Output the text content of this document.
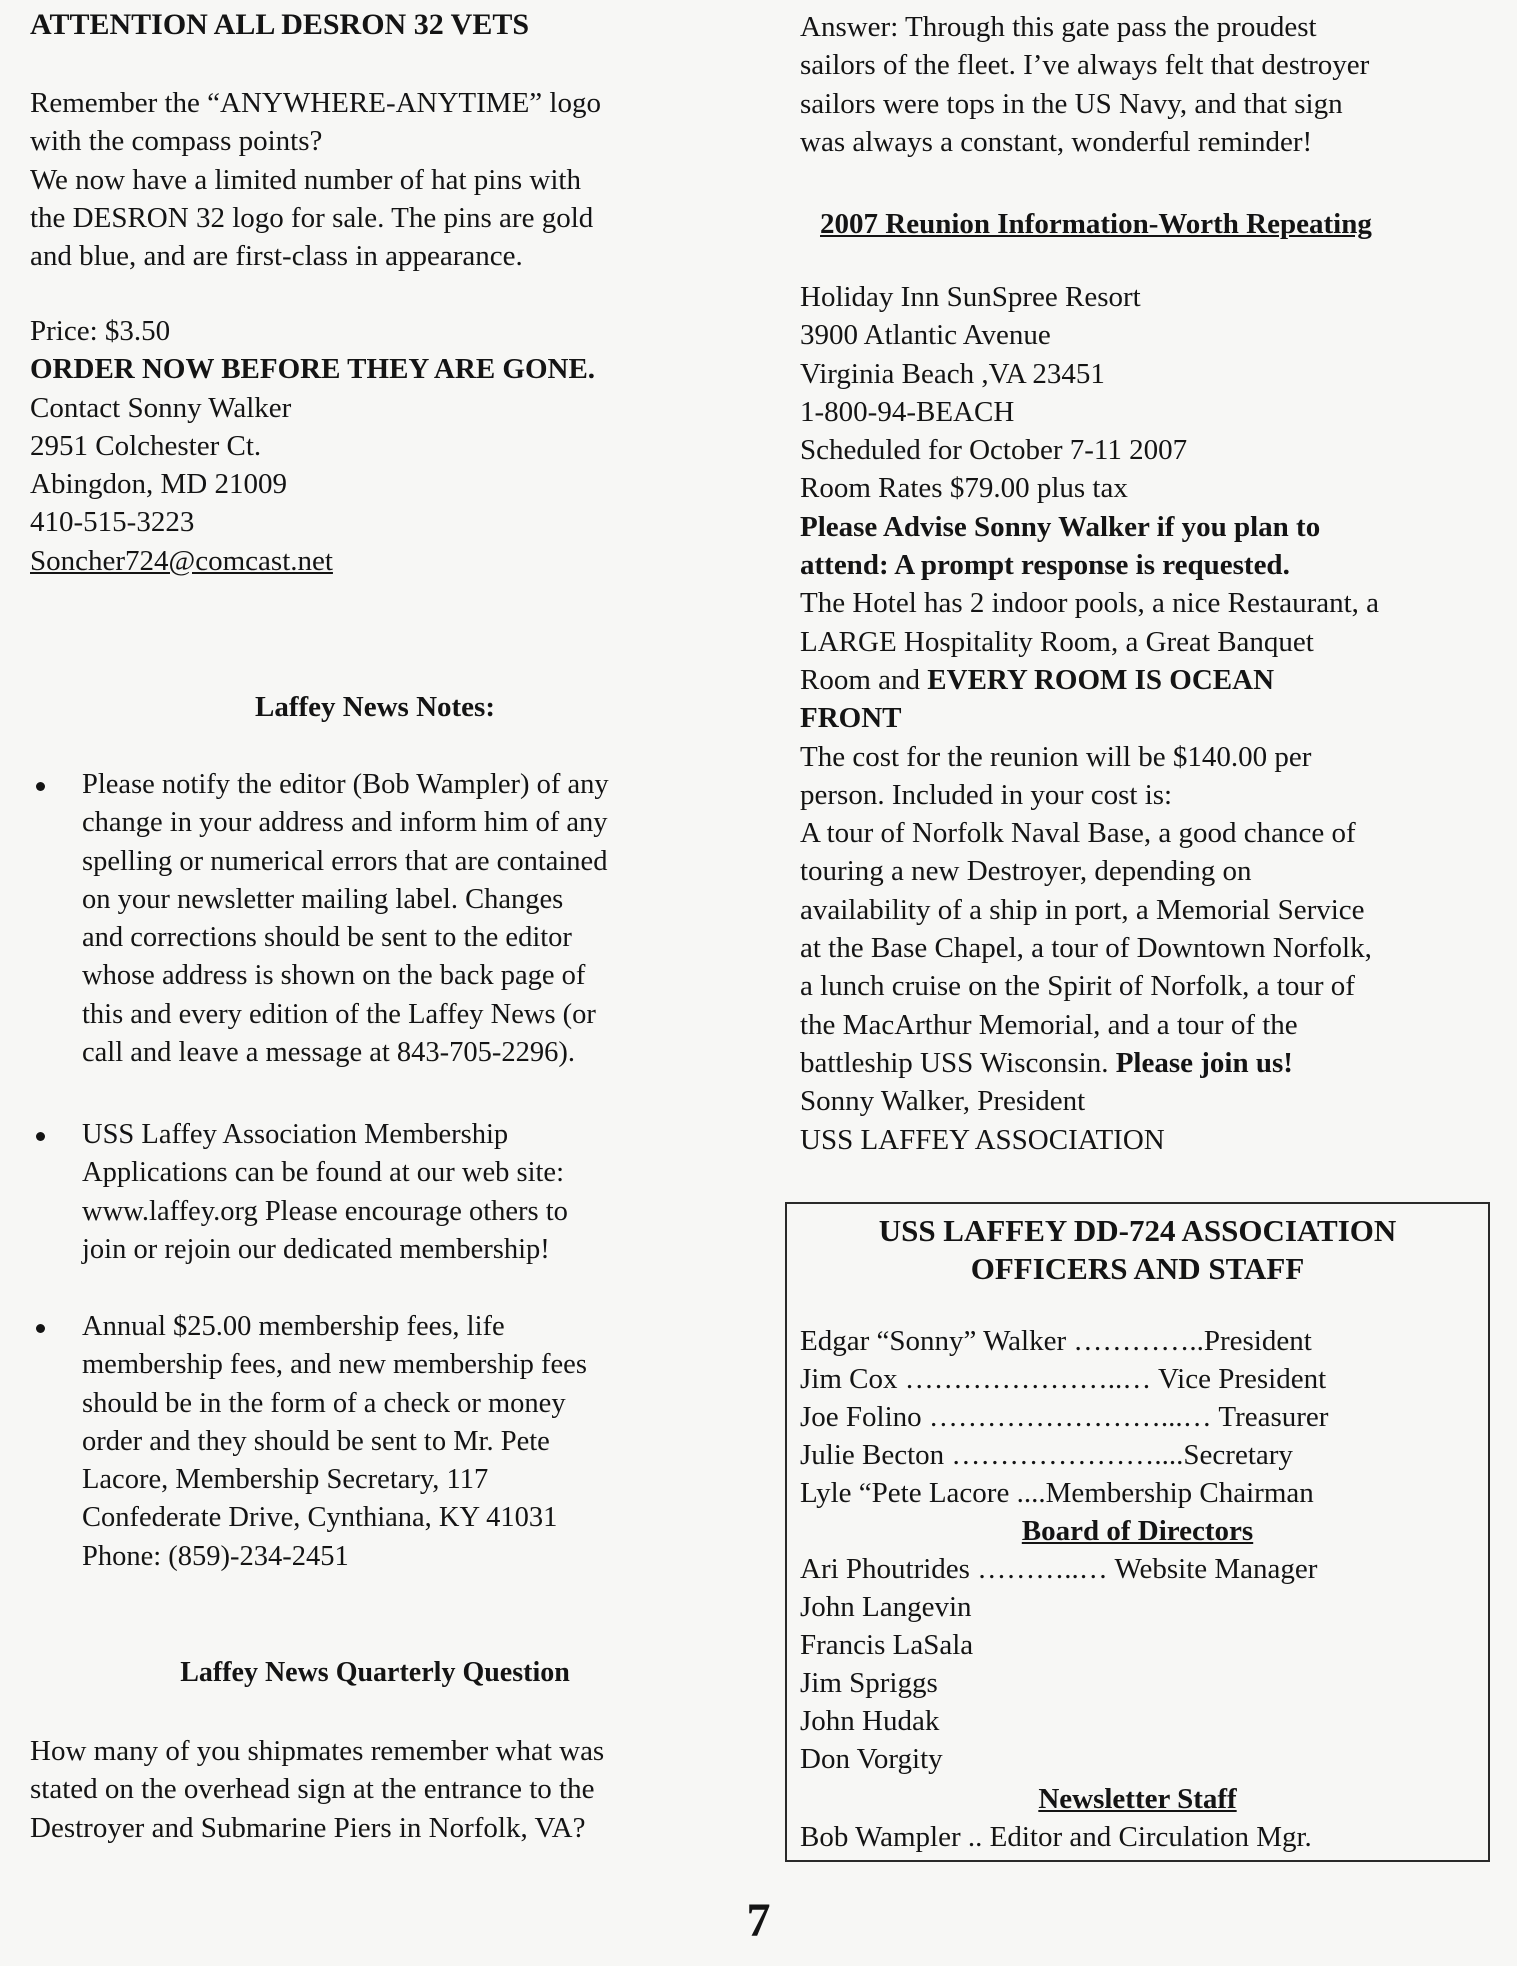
ATTENTION ALL DESRON 32 VETS

Remember the “ANYWHERE-ANYTIME” logo

with the compass points?

We now have a limited number of hat pins with

the DESRON 32 logo for sale. The pins are gold

and blue, and are first-class in appearance.

Price: $3.50

ORDER NOW BEFORE THEY ARE GONE.

Contact Sonny Walker

2951 Colchester Ct.

Abingdon, MD 21009

410-515-3223

Soncher724@comcast.net

Laffey News Notes:
Please notify the editor (Bob Wampler) of any
change in your address and inform him of any
spelling or numerical errors that are contained
on your newsletter mailing label. Changes
and corrections should be sent to the editor
whose address is shown on the back page of
this and every edition of the Laffey News (or
call and leave a message at 843-705-2296).
USS Laffey Association Membership
Applications can be found at our web site:
www.laffey.org Please encourage others to
join or rejoin our dedicated membership!
Annual $25.00 membership fees, life
membership fees, and new membership fees
should be in the form of a check or money
order and they should be sent to Mr. Pete
Lacore, Membership Secretary, 117
Confederate Drive, Cynthiana, KY 41031
Phone: (859)-234-2451
Laffey News Quarterly Question

How many of you shipmates remember what was

stated on the overhead sign at the entrance to the

Destroyer and Submarine Piers in Norfolk, VA?

Answer: Through this gate pass the proudest

sailors of the fleet. I’ve always felt that destroyer

sailors were tops in the US Navy, and that sign

was always a constant, wonderful reminder!

2007 Reunion Information-Worth Repeating

Holiday Inn SunSpree Resort

3900 Atlantic Avenue

Virginia Beach ,VA 23451

1-800-94-BEACH

Scheduled for October 7-11 2007

Room Rates $79.00 plus tax

Please Advise Sonny Walker if you plan to

attend: A prompt response is requested.

The Hotel has 2 indoor pools, a nice Restaurant, a

LARGE Hospitality Room, a Great Banquet

Room and EVERY ROOM IS OCEAN

FRONT

The cost for the reunion will be $140.00 per

person. Included in your cost is:

A tour of Norfolk Naval Base, a good chance of

touring a new Destroyer, depending on

availability of a ship in port, a Memorial Service

at the Base Chapel, a tour of Downtown Norfolk,

a lunch cruise on the Spirit of Norfolk, a tour of

the MacArthur Memorial, and a tour of the

battleship USS Wisconsin. Please join us!

Sonny Walker, President

USS LAFFEY ASSOCIATION

USS LAFFEY DD-724 ASSOCIATION
OFFICERS AND STAFF
Edgar “Sonny” Walker …………..President
Jim Cox …………………..… Vice President
Joe Folino ……………………...… Treasurer
Julie Becton …………………....Secretary
Lyle “Pete Lacore ....Membership Chairman
Board of Directors
Ari Phoutrides ………..… Website Manager
John Langevin
Francis LaSala
Jim Spriggs
John Hudak
Don Vorgity
Newsletter Staff
Bob Wampler .. Editor and Circulation Mgr.
7
